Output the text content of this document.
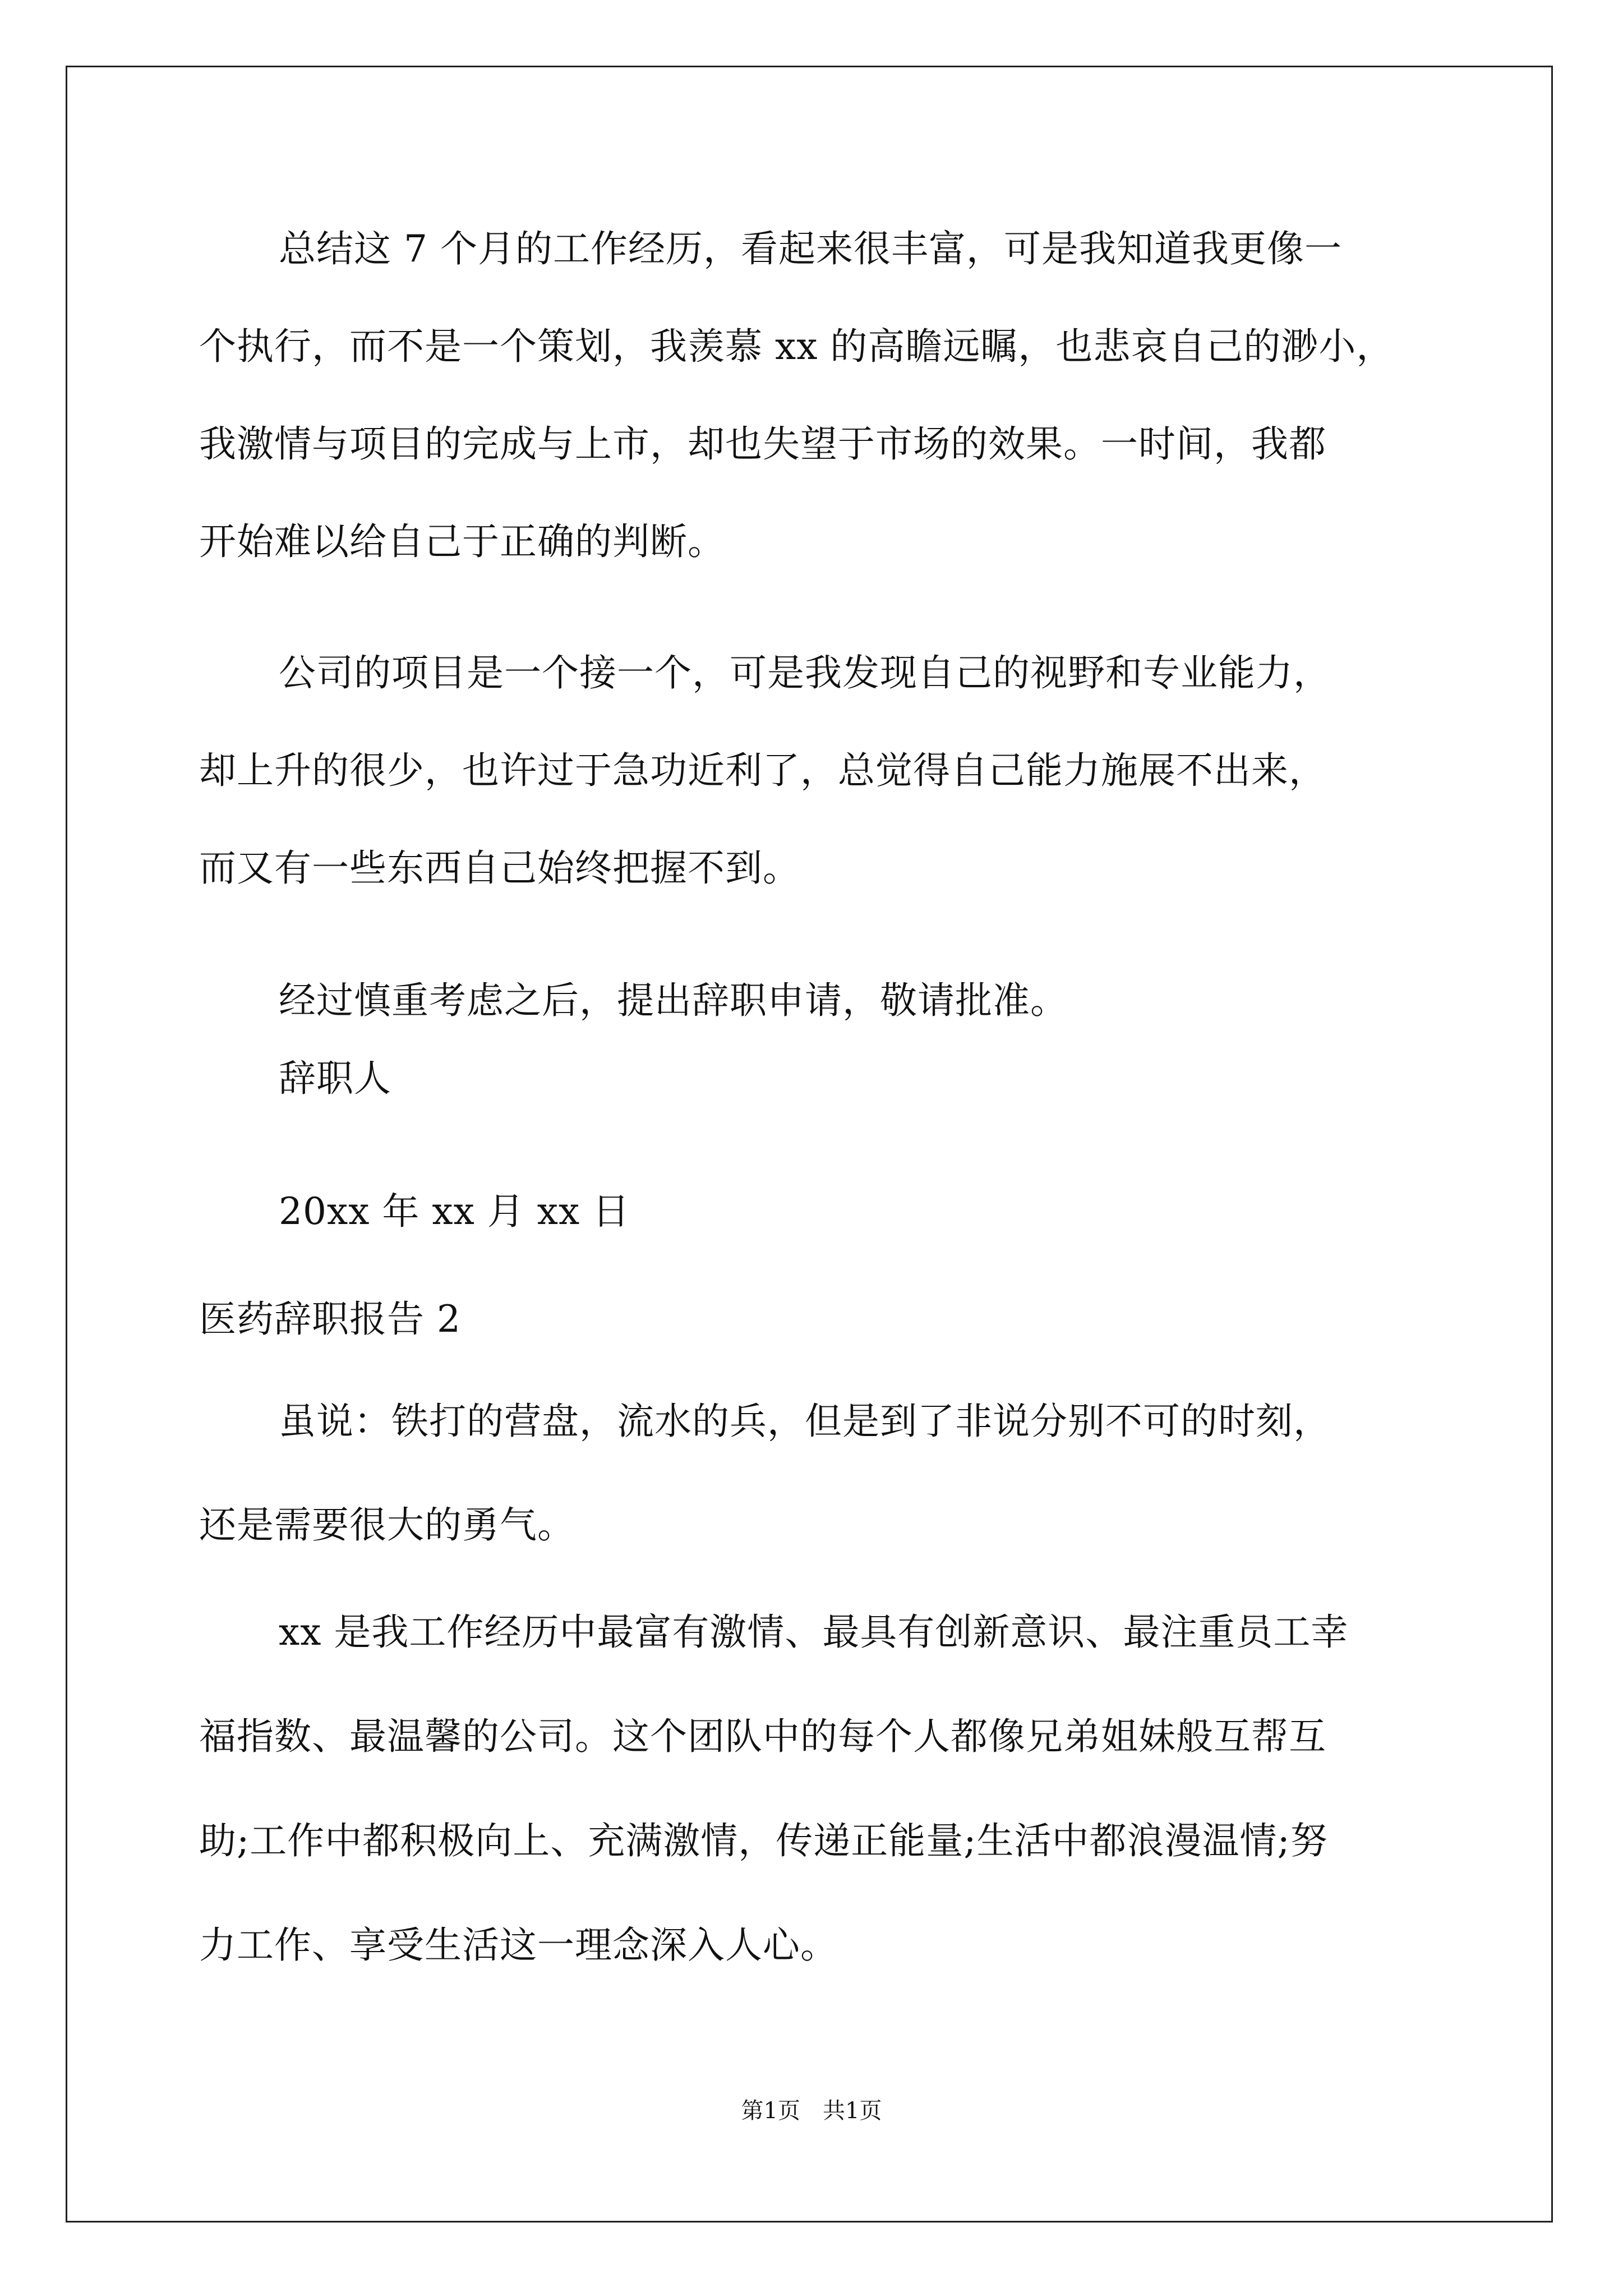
总结这 7 个月的工作经历，看起来很丰富，可是我知道我更像一
个执行，而不是一个策划，我羡慕 xx 的高瞻远瞩，也悲哀自己的渺小，
我激情与项目的完成与上市，却也失望于市场的效果。一时间，我都
开始难以给自己于正确的判断。
公司的项目是一个接一个，可是我发现自己的视野和专业能力，
却上升的很少，也许过于急功近利了，总觉得自己能力施展不出来，
而又有一些东西自己始终把握不到。
经过慎重考虑之后，提出辞职申请，敬请批准。
辞职人
20xx 年 xx 月 xx 日
医药辞职报告 2
虽说：铁打的营盘，流水的兵，但是到了非说分别不可的时刻，
还是需要很大的勇气。
xx 是我工作经历中最富有激情、最具有创新意识、最注重员工幸
福指数、最温馨的公司。这个团队中的每个人都像兄弟姐妹般互帮互
助;工作中都积极向上、充满激情，传递正能量;生活中都浪漫温情;努
力工作、享受生活这一理念深入人心。
第1页　共1页
